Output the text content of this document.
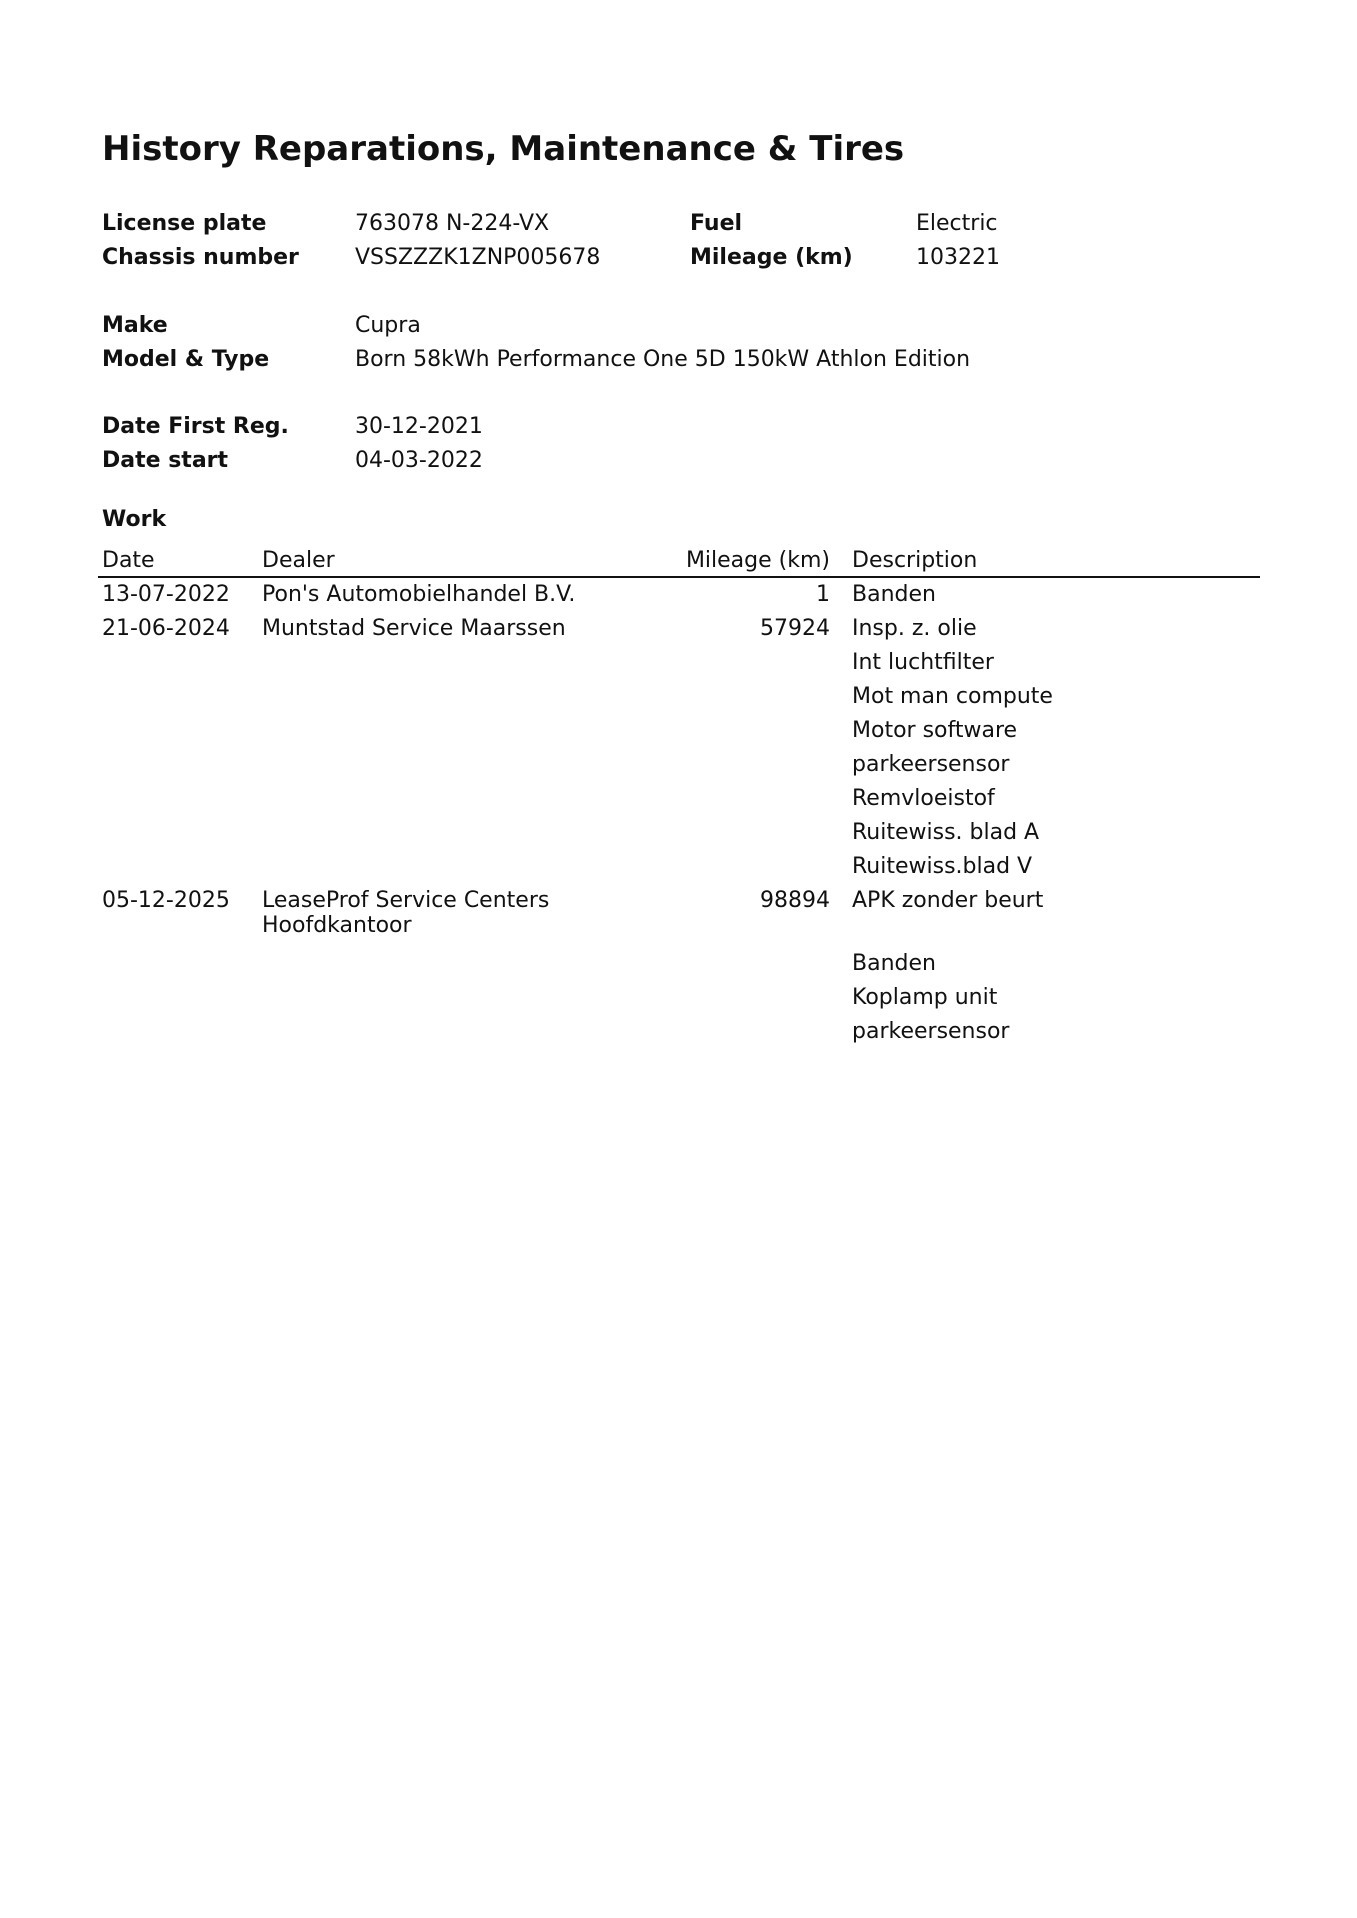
History Reparations, Maintenance & Tires
License plate	763078 N-224-VX	Fuel	Electric
Chassis number	VSSZZZK1ZNP005678	Mileage (km)	103221
Make	Cupra
Model & Type	Born 58kWh Performance One 5D 150kW Athlon Edition
Date First Reg.	30-12-2021
Date start	04-03-2022
Work
Date	Dealer	Mileage (km) Description
13-07-2022 Pon's Automobielhandel B.V.	1 Banden
21-06-2024 Muntstad Service Maarssen	57924 Insp. z. olie
Int luchtfilter
Mot man compute
Motor software
parkeersensor
Remvloeistof
Ruitewiss. blad A
Ruitewiss.blad V
05-12-2025 LeaseProf Service Centers
Hoofdkantoor
98894 APK zonder beurt
Banden
Koplamp unit
parkeersensor
